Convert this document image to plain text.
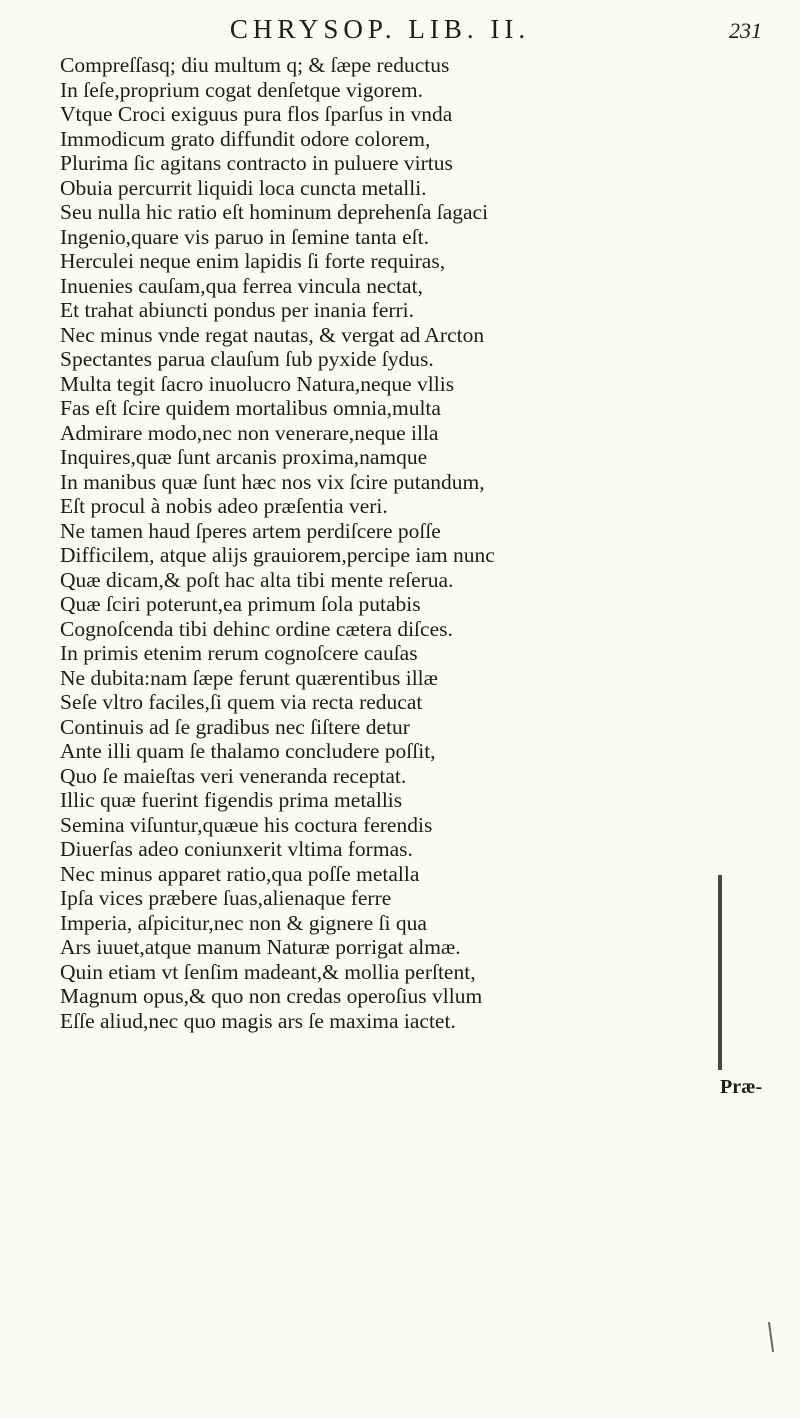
CHRYSOP. LIB. II.	231
Compreſſasq; diu multum q; & ſæpe reductus
In ſeſe,proprium cogat denſetque vigorem.
Vtque Croci exiguus pura flos ſparſus in vnda
Immodicum grato diffundit odore colorem,
Plurima ſic agitans contracto in puluere virtus
Obuia percurrit liquidi loca cuncta metalli.
Seu nulla hic ratio eſt hominum deprehenſa ſagaci
Ingenio,quare vis paruo in ſemine tanta eſt.
Herculei neque enim lapidis ſi forte requiras,
Inuenies cauſam,qua ferrea vincula nectat,
Et trahat abiuncti pondus per inania ferri.
Nec minus vnde regat nautas, & vergat ad Arcton
Spectantes parua clauſum ſub pyxide ſydus.
Multa tegit ſacro inuolucro Natura,neque vllis
Fas eſt ſcire quidem mortalibus omnia,multa
Admirare modo,nec non venerare,neque illa
Inquires,quæ ſunt arcanis proxima,namque
In manibus quæ ſunt hæc nos vix ſcire putandum,
Eſt procul à nobis adeo præſentia veri.
Ne tamen haud ſperes artem perdiſcere poſſe
Difficilem, atque alijs grauiorem,percipe iam nunc
Quæ dicam,& poſt hac alta tibi mente reſerua.
Quæ ſciri poterunt,ea primum ſola putabis
Cognoſcenda tibi dehinc ordine cætera diſces.
In primis etenim rerum cognoſcere cauſas
Ne dubita:nam ſæpe ferunt quærentibus illæ
Seſe vltro faciles,ſi quem via recta reducat
Continuis ad ſe gradibus nec ſiſtere detur
Ante illi quam ſe thalamo concludere poſſit,
Quo ſe maieſtas veri veneranda receptat.
Illic quæ fuerint figendis prima metallis
Semina viſuntur,quæue his coctura ferendis
Diuerſas adeo coniunxerit vltima formas.
Nec minus apparet ratio,qua poſſe metalla
Ipſa vices præbere ſuas,alienaque ferre
Imperia, aſpicitur,nec non & gignere ſi qua
Ars iuuet,atque manum Naturæ porrigat almæ.
Quin etiam vt ſenſim madeant,& mollia perſtent,
Magnum opus,& quo non credas operoſius vllum
Eſſe aliud,nec quo magis ars ſe maxima iactet.
Præ-
